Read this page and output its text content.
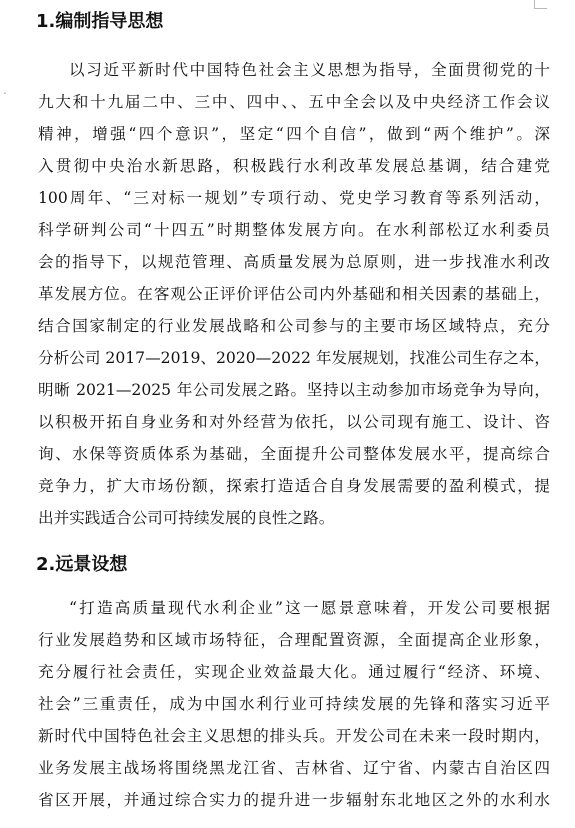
ˇ
1.编制指导思想
以习近平新时代中国特色社会主义思想为指导，全面贯彻党的十
九大和十九届二中、三中、四中、、五中全会以及中央经济工作会议
精神，增强“四个意识”，坚定“四个自信”，做到“两个维护”。深
入贯彻中央治水新思路，积极践行水利改革发展总基调，结合建党
100周年、“三对标一规划”专项行动、党史学习教育等系列活动，
科学研判公司“十四五”时期整体发展方向。在水利部松辽水利委员
会的指导下，以规范管理、高质量发展为总原则，进一步找准水利改
革发展方位。在客观公正评价评估公司内外基础和相关因素的基础上，
结合国家制定的行业发展战略和公司参与的主要市场区域特点，充分
分析公司 2017—2019、2020—2022 年发展规划，找准公司生存之本，
明晰 2021—2025 年公司发展之路。坚持以主动参加市场竞争为导向，
以积极开拓自身业务和对外经营为依托，以公司现有施工、设计、咨
询、水保等资质体系为基础，全面提升公司整体发展水平，提高综合
竞争力，扩大市场份额，探索打造适合自身发展需要的盈利模式，提
出并实践适合公司可持续发展的良性之路。
2.远景设想
“打造高质量现代水利企业”这一愿景意味着，开发公司要根据
行业发展趋势和区域市场特征，合理配置资源，全面提高企业形象，
充分履行社会责任，实现企业效益最大化。通过履行“经济、环境、
社会”三重责任，成为中国水利行业可持续发展的先锋和落实习近平
新时代中国特色社会主义思想的排头兵。开发公司在未来一段时期内，
业务发展主战场将围绕黑龙江省、吉林省、辽宁省、内蒙古自治区四
省区开展，并通过综合实力的提升进一步辐射东北地区之外的水利水
